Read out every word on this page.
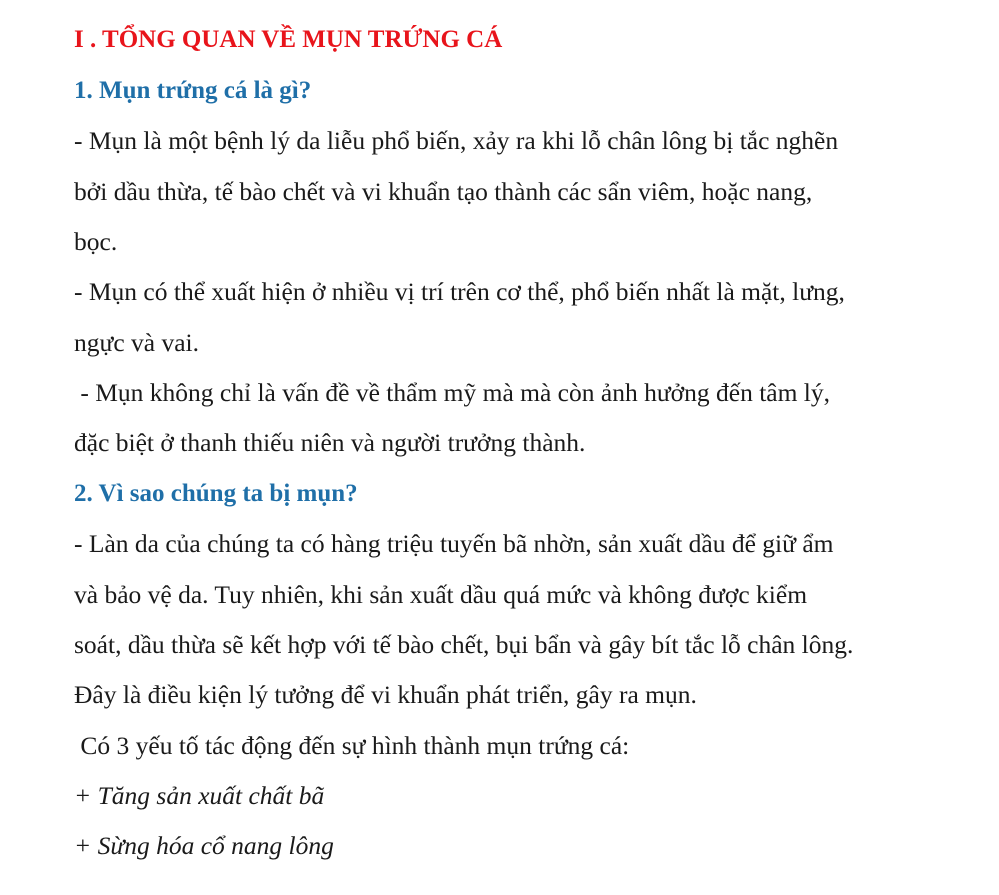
I . TỔNG QUAN VỀ MỤN TRỨNG CÁ
1. Mụn trứng cá là gì?
- Mụn là một bệnh lý da liễu phổ biến, xảy ra khi lỗ chân lông bị tắc nghẽn
bởi dầu thừa, tế bào chết và vi khuẩn tạo thành các sẩn viêm, hoặc nang,
bọc.
- Mụn có thể xuất hiện ở nhiều vị trí trên cơ thể, phổ biến nhất là mặt, lưng,
ngực và vai.
- Mụn không chỉ là vấn đề về thẩm mỹ mà mà còn ảnh hưởng đến tâm lý,
đặc biệt ở thanh thiếu niên và người trưởng thành.
2. Vì sao chúng ta bị mụn?
- Làn da của chúng ta có hàng triệu tuyến bã nhờn, sản xuất dầu để giữ ẩm
và bảo vệ da. Tuy nhiên, khi sản xuất dầu quá mức và không được kiểm
soát, dầu thừa sẽ kết hợp với tế bào chết, bụi bẩn và gây bít tắc lỗ chân lông.
Đây là điều kiện lý tưởng để vi khuẩn phát triển, gây ra mụn.
Có 3 yếu tố tác động đến sự hình thành mụn trứng cá:
+ Tăng sản xuất chất bã
+ Sừng hóa cổ nang lông
